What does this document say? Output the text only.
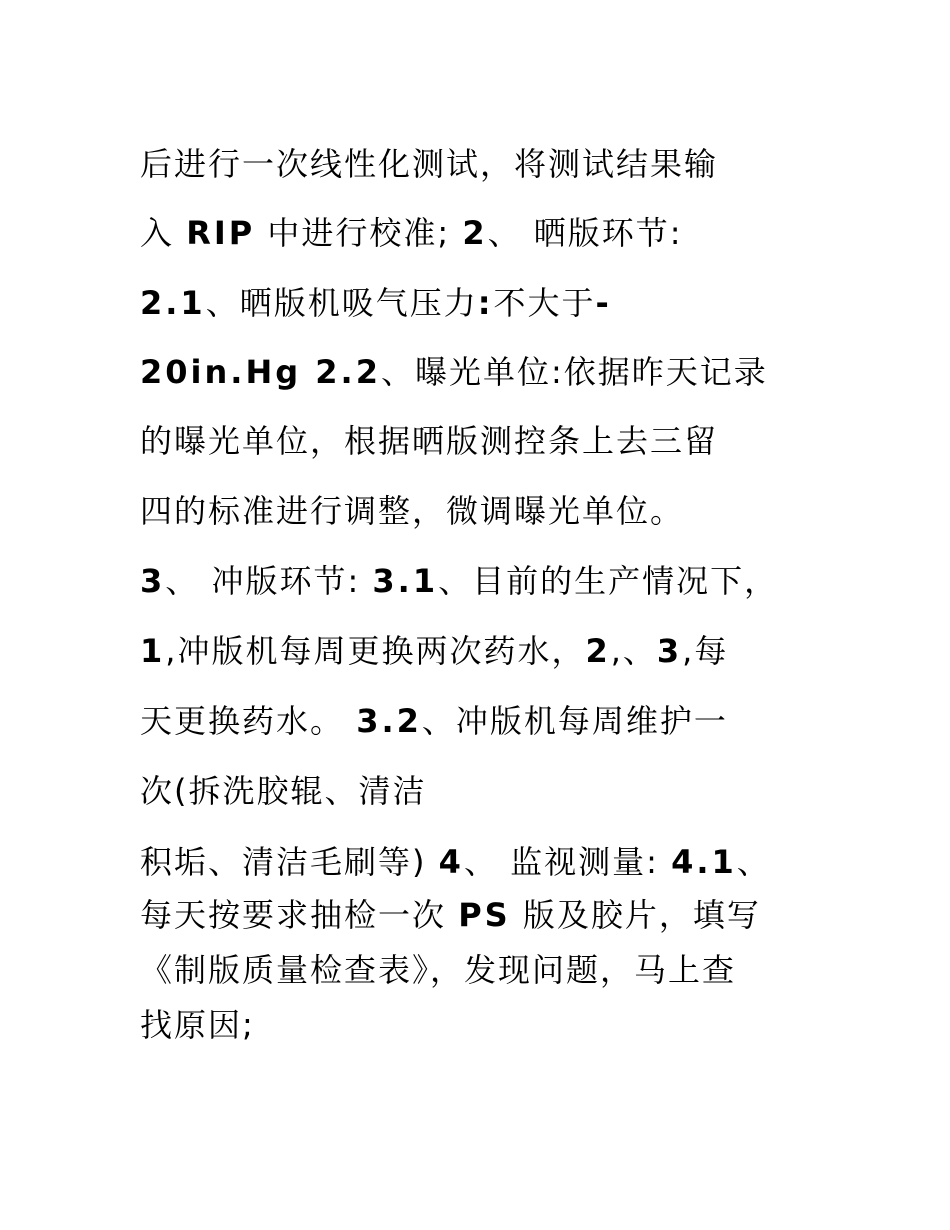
后进行一次线性化测试，将测试结果输
入 RIP 中进行校准; 2、 晒版环节:
2.1、晒版机吸气压力:不大于-
20in.Hg 2.2、曝光单位:依据昨天记录
的曝光单位，根据晒版测控条上去三留
四的标准进行调整，微调曝光单位。
3、 冲版环节: 3.1、目前的生产情况下，
1,冲版机每周更换两次药水，2,、3,每
天更换药水。 3.2、冲版机每周维护一
次(拆洗胶辊、清洁
积垢、清洁毛刷等) 4、 监视测量: 4.1、
每天按要求抽检一次 PS 版及胶片，填写
《制版质量检查表》，发现问题，马上查
找原因;
